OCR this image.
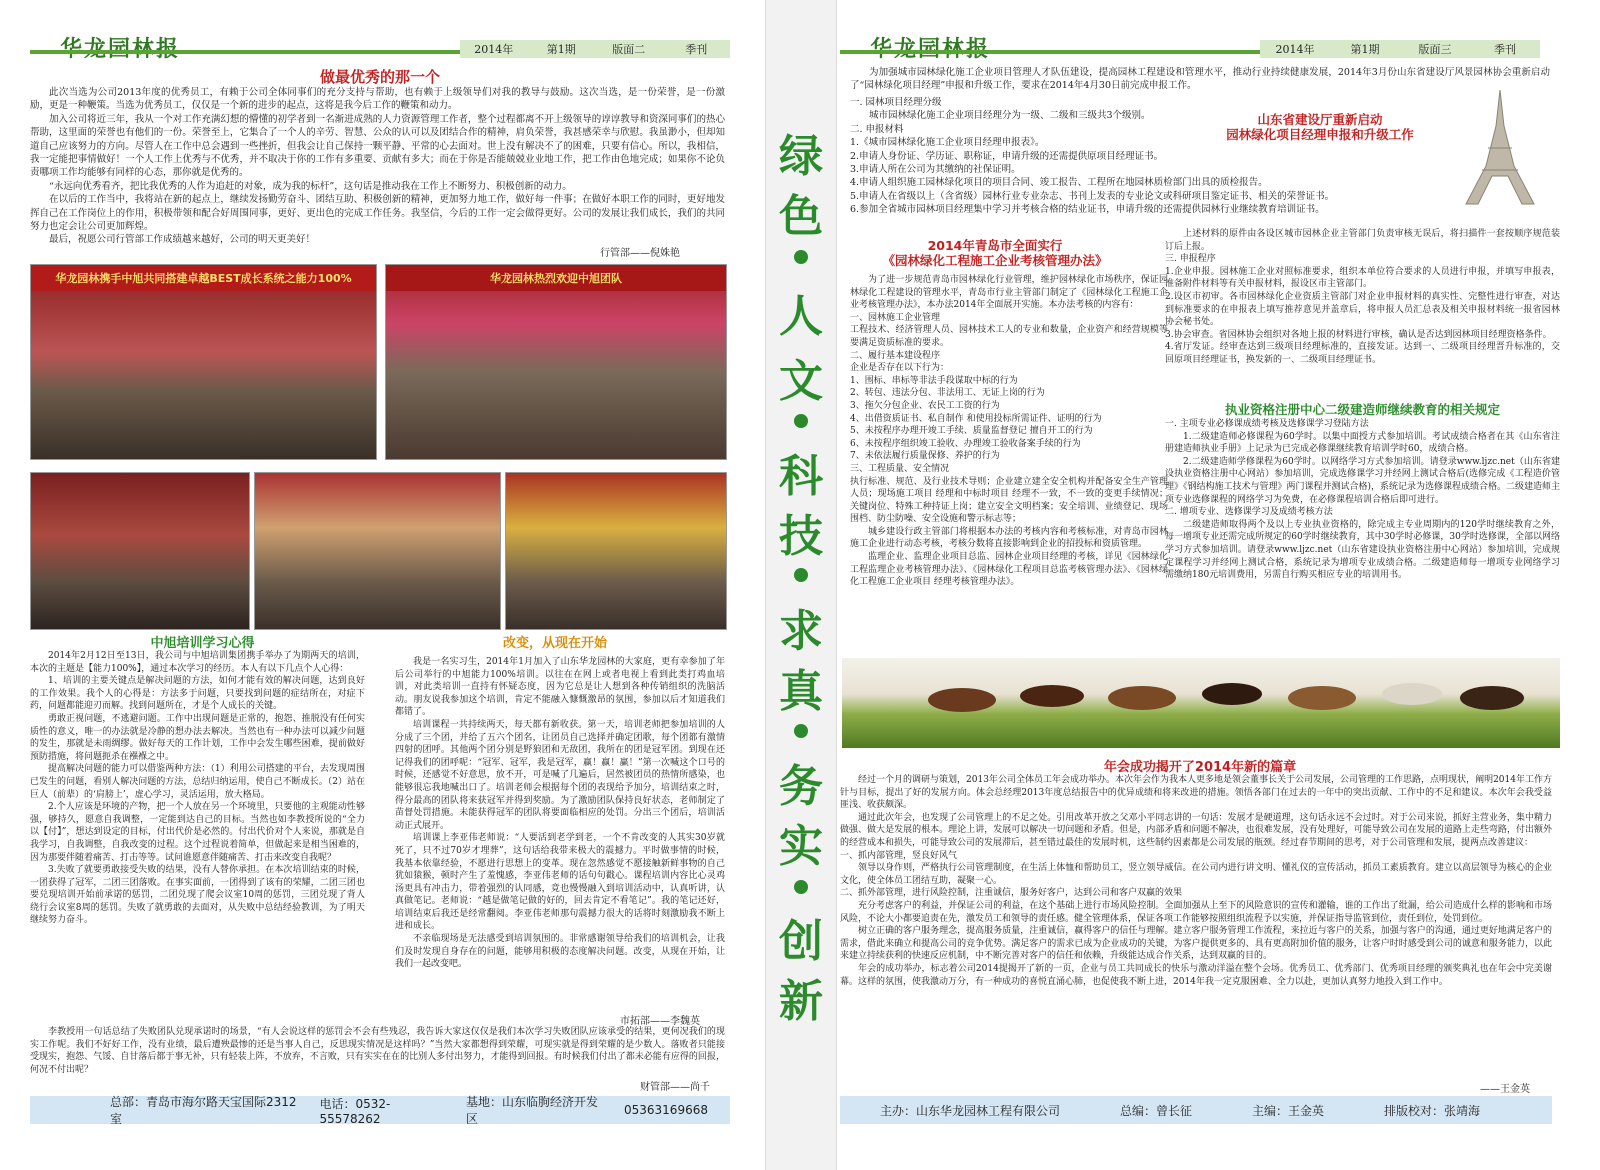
2014年	第1期	版面二	季刊
做最优秀的那一个

此次当选为公司2013年度的优秀员工，有赖于公司全体同事们的充分支持与帮助，也有赖于上级领导们对我的教导与鼓励。这次当选，是一份荣誉，是一份激励，更是一种鞭策。当选为优秀员工，仅仅是一个新的进步的起点，这将是我今后工作的鞭策和动力。

加入公司将近三年，我从一个对工作充满幻想的懵懂的初学者到一名渐进成熟的人力资源管理工作者，整个过程都离不开上级领导的谆谆教导和资深同事们的热心帮助，这里面的荣誉也有他们的一份。荣誉至上，它集合了一个人的辛劳、智慧、公众的认可以及团结合作的精神，肩负荣誉，我甚感荣幸与欣慰。我虽渺小，但却知道自己应该努力的方向。尽管人在工作中总会遇到一些挫折，但我会让自己保持一颗平静、平常的心去面对。世上没有解决不了的困难，只要有信心。所以，我相信，我一定能把事情做好！一个人工作上优秀与不优秀，并不取决于你的工作有多重要、贡献有多大；而在于你是否能兢兢业业地工作，把工作由色地完成；如果你不论负责哪项工作均能够有同样的心态，那你就是优秀的。

“永远向优秀看齐，把比我优秀的人作为追赶的对象，成为我的标杆”，这句话是推动我在工作上不断努力、积极创新的动力。

在以后的工作当中，我将站在新的起点上，继续发扬勤劳奋斗、团结互助、积极创新的精神，更加努力地工作，做好每一件事；在做好本职工作的同时，更好地发挥自己在工作岗位上的作用，积极带领和配合好周围同事，更好、更出色的完成工作任务。我坚信，今后的工作一定会做得更好。公司的发展让我们成长，我们的共同努力也定会让公司更加辉煌。

最后，祝愿公司行管部工作成绩越来越好，公司的明天更美好！

行管部——倪姝艳
华龙园林携手中旭共同搭建卓越BEST成长系统之能力100%	华龙园林热烈欢迎中旭团队
中旭培训学习心得	改变，从现在开始

2014年2月12日至13日，我公司与中旭培训集团携手举办了为期两天的培训，本次的主题是【能力100%】，通过本次学习的经历。本人有以下几点个人心得：

1、培训的主要关键点是解决问题的方法，如何才能有效的解决问题，达到良好的工作效果。我个人的心得是：方法多于问题，只要找到问题的症结所在，对症下药，问题都能迎刃而解。找到问题所在，才是个人成长的关键。

勇敢正视问题，不逃避问题。工作中出现问题是正常的，抱怨、推脱没有任何实质性的意义，唯一的办法就是冷静的想办法去解决。当然也有一种办法可以减少问题的发生，那就是未雨绸缪。做好每天的工作计划，工作中会发生哪些困难，提前做好预防措施，将问题扼杀在襁褓之中。

提高解决问题的能力可以借鉴两种方法：（1）利用公司搭建的平台，去发现周围已发生的问题，看别人解决问题的方法，总结归纳运用，使自己不断成长。（2）站在巨人（前辈）的‘肩膀上’，虚心学习，灵活运用，放大格局。

2.个人应该是环境的产物，把一个人放在另一个环境里，只要他的主观能动性够强，够持久，愿意自我调整，一定能到达自己的目标。当然也如李教授所说的“全力以【付】”，想达到设定的目标，付出代价是必然的。付出代价对个人来说，那就是自我学习，自我调整，自我改变的过程。这个过程说着简单，但做起来是相当困难的，因为那要伴随着痛苦、打击等等。试问谁愿意伴随痛苦、打击来改变自我呢？

3.失败了就要勇敢接受失败的结果，没有人替你承担。在本次培训结束的时候，一团获得了冠军，二团三团落败。在事实面前，一团得到了该有的荣耀，二团三团也要兑现培训开始前承诺的惩罚，二团兑现了爬会议室10周的惩罚，三团兑现了背人绕行会议室8周的惩罚。失败了就勇敢的去面对，从失败中总结经验教训，为了明天继续努力奋斗。

我是一名实习生，2014年1月加入了山东华龙园林的大家庭，更有幸参加了年后公司举行的中旭能力100%培训。以往在在网上或者电视上看到此类打鸡血培训，对此类培训一直持有怀疑态度，因为它总是让人想到各种传销组织的洗脑活动。朋友说我参加这个培训，肯定不能融入慷慨激昂的氛围，参加以后才知道我们都错了。

培训课程一共持续两天，每天都有新收获。第一天，培训老师把参加培训的人分成了三个团，并给了五六个团名，让团员自己选择并确定团歌，每个团都有激情四射的团呼。其他两个团分别是野狼团和无敌团，我所在的团是冠军团。到现在还记得我们的团呼呢：“冠军、冠军，我是冠军，赢！赢！赢！”第一次喊这个口号的时候，还感觉不好意思，放不开，可是喊了几遍后，居然被团员的热情所感染，也能够很忘我地喊出口了。培训老师会根据每个团的表现给予加分，培训结束之时，得分最高的团队将来获冠军并得到奖励。为了激励团队保持良好状态，老师制定了苗督处罚措施。未能获得冠军的团队将要面临相应的处罚。分出三个团后，培训活动正式展开。

培训课上李亚伟老师说：“人要活到老学到老，一个不肯改变的人其实30岁就死了，只不过70岁才埋葬”，这句话给我带来极大的震撼力。平时做事情的时候，我基本依靠经验，不愿进行思想上的变革。现在忽然感觉不愿接触新鲜事物的自己犹如猿猴，顿时产生了羞愧感，李亚伟老师的话句句戳心。课程培训内容比心灵鸡汤更具有冲击力，带着强烈的认同感，竟也慢慢融入到培训活动中，认真听讲，认真做笔记。老师说：“越是做笔记做的好的，回去肯定不看笔记”。我的笔记还好，培训结束后我还是经常翻阅。李亚伟老师那句震撼力很大的话将时刻激励我不断上进和成长。

不亲临现场是无法感受到培训氛围的。非常感谢领导给我们的培训机会，让我们及时发现自身存在的问题，能够用积极的态度解决问题。改变，从现在开始，让我们一起改变吧。

市拓部——李魏英

李教授用一句话总结了失败团队兑现承诺时的场景，“有人会说这样的惩罚会不会有些残忍，我告诉大家这仅仅是我们本次学习失败团队应该承受的结果，更何况我们的现实工作呢。我们不好好工作，没有业绩，最后遭殃最惨的还是当事人自己，反思现实情况是这样吗？”当然大家都想得到荣耀，可现实就是得到荣耀的是少数人。落败者只能接受现实，抱怨、气馁、自甘落后都于事无补，只有轻装上阵，不放弃，不言败，只有实实在在的比别人多付出努力，才能得到回报。有时候我们付出了都未必能有应得的回报，何况不付出呢？

财管部——尚千
总部：青岛市海尔路天宝国际2312室
电话：0532-55578262
基地：山东临朐经济开发区
05363169668
绿
色
人
文
科
技
求
真
务
实
创
新
2014年	第1期	版面三	季刊

为加强城市园林绿化施工企业项目管理人才队伍建设，提高园林工程建设和管理水平，推动行业持续健康发展，2014年3月份山东省建设厅风景园林协会重新启动了“园林绿化项目经理”申报和升级工作，要求在2014年4月30日前完成申报工作。

一. 园林项目经理分级
城市园林绿化施工企业项目经理分为一级、二级和三级共3个级别。
二. 申报材料
1.《城市园林绿化施工企业项目经理申报表》。
2.申请人身份证、学历证、职称证，申请升级的还需提供原项目经理证书。
3.申请人所在公司为其缴纳的社保证明。
4.申请人组织施工园林绿化项目的项目合同、竣工报告、工程所在地园林质检部门出具的质检报告。
5.申请人在省级以上（含省级）园林行业专业杂志、书刊上发表的专业论文或科研项目鉴定证书、相关的荣誉证书。
6.参加全省城市园林项目经理集中学习并考核合格的结业证书，申请升级的还需提供园林行业继续教育培训证书。
山东省建设厅重新启动
园林绿化项目经理申报和升级工作
2014年青岛市全面实行
《园林绿化工程施工企业考核管理办法》

为了进一步规范青岛市园林绿化行业管理，维护园林绿化市场秩序，保证园林绿化工程建设的管理水平，青岛市行业主管部门制定了《园林绿化工程施工企业考核管理办法》，本办法2014年全面展开实施。本办法考核的内容有：

一、园林施工企业管理
工程技术、经济管理人员、园林技术工人的专业和数量，企业资产和经营规模等要满足资质标准的要求。
二、履行基本建设程序
企业是否存在以下行为：
1、围标、串标等非法手段谋取中标的行为
2、转包、违法分包、非法用工、无证上岗的行为
3、拖欠分包企业、农民工工资的行为
4、出借资质证书、私自制作 和使用投标所需证件、证明的行为
5、未按程序办理开竣工手续、质量监督登记 擅自开工的行为
6、未按程序组织竣工验收、办理竣工验收备案手续的行为
7、未依法履行质量保修、养护的行为
三、工程质量、安全情况
执行标准、规范、及行业技术导则；企业建立建全安全机构并配备安全生产管理人员；现场施工项目 经理和中标时项目 经理不一致，不一致的变更手续情况；关键岗位、特殊工种持证上岗；建立安全文明档案；安全培训、业绩登记、现场围档、防尘防噪、安全设施和警示标志等；

城乡建设行政主管部门将根据本办法的考核内容和考核标准，对青岛市园林施工企业进行动态考核，考核分数将直接影响到企业的招投标和资质管理。

监理企业、监理企业项目总监、园林企业项目经理的考核，详见《园林绿化工程监理企业考核管理办法》、《园林绿化工程项目总监考核管理办法》、《园林绿化工程施工企业项目 经理考核管理办法》。

上述材料的原件由各设区城市园林企业主管部门负责审核无误后，将扫描件一套按顺序规范装订后上报。

三. 申报程序
1.企业申报。园林施工企业对照标准要求，组织本单位符合要求的人员进行申报，并填写申报表，准备附件材料等有关申报材料，报设区市主管部门。
2.设区市初审。各市园林绿化企业资质主管部门对企业申报材料的真实性、完整性进行审查，对达到标准要求的在申报表上填写推荐意见并盖章后，将申报人员汇总表及相关申报材料统一报省园林协会秘书处。
3.协会审查。省园林协会组织对各地上报的材料进行审核，确认是否达到园林项目经理资格条件。
4.省厅发证。经审查达到三级项目经理标准的，直接发证。达到一、二级项目经理晋升标准的，交回原项目经理证书，换发新的一、二级项目经理证书。
执业资格注册中心二级建造师继续教育的相关规定
一. 主项专业必修课成绩考核及选修课学习登陆方法

1.二级建造师必修课程为60学时。以集中面授方式参加培训。考试成绩合格者在其《山东省注册建造师执业手册》上记录为已完成必修课继续教育培训学时60，成绩合格。

2.二级建造师学修课程为60学时。以网络学习方式参加培训。请登录www.ljzc.net（山东省建设执业资格注册中心网站）参加培训，完成选修课学习并经网上测试合格后(选修完成《工程造价管理》《钢结构施工技术与管理》两门课程并测试合格)，系统记录为选修课程成绩合格。二级建造师主项专业选修课程的网络学习为免费，在必修课程培训合格后即可进行。

二. 增项专业、选修课学习及成绩考核方法

二级建造师取得两个及以上专业执业资格的，除完成主专业周期内的120学时继续教育之外，每一增项专业还需完成所规定的60学时继续教育，其中30学时必修课，30学时选修课，全部以网络学习方式参加培训。请登录www.ljzc.net（山东省建设执业资格注册中心网站）参加培训，完成规定课程学习并经网上测试合格，系统记录为增项专业成绩合格。二级建造师每一增项专业网络学习需缴纳180元培训费用，另需自行购买相应专业的培训用书。

年会成功揭开了2014年新的篇章

经过一个月的调研与策划，2013年公司全体员工年会成功举办。本次年会作为我本人更多地是领会董事长关于公司发展，公司管理的工作思路，点明现状，阐明2014年工作方针与目标，提出了好的发展方向。体会总经理2013年度总结报告中的优异成绩和将来改进的措施。领悟各部门在过去的一年中的突出贡献、工作中的不足和建议。本次年会我受益匪浅、收获颇深。

通过此次年会，也发现了公司管理上的不足之处。引用改革开放之父邓小平同志讲的一句话：发展才是硬道理，这句话永远不会过时。对于公司来说，抓好主营业务，集中精力做强、做大是发展的根本。理论上讲，发展可以解决一切问题和矛盾。但是，内部矛盾和问题不解决，也很难发展，没有处理好，可能导致公司在发展的道路上走些弯路，付出额外的经营成本和损失，可能导致公司的发展滞后，甚至错过最佳的发展时机，这些制约因素都是公司发展的瓶颈。经过春节期间的思考，对于公司管理和发展，提两点改善建议：

一、抓内部管理，竖良好风气

领导以身作则，严格执行公司管理制度，在生活上体恤和帮助员工，竖立领导威信。在公司内进行讲文明、懂礼仪的宣传活动，抓员工素质教育。建立以高层领导为核心的企业文化，使全体员工团结互助，凝聚一心。

二、抓外部管理，进行风险控制，注重诚信，服务好客户，达到公司和客户双赢的效果

充分考虑客户的利益，并保证公司的利益，在这个基础上进行市场风险控制。全面加强从上至下的风险意识的宣传和灌输，谁的工作出了纰漏，给公司造成什么样的影响和市场风险，不论大小都要追责在先，激发员工和领导的责任感。健全管理体系，保证各项工作能够按照组织流程予以实施，并保证指导监管到位，责任到位，处罚到位。

树立正确的客户服务理念，提高服务质量，注重诚信，赢得客户的信任与理解。建立客户服务管理工作流程，来拉近与客户的关系，加强与客户的沟通，通过更好地满足客户的需求，借此来确立和提高公司的竞争优势。满足客户的需求已成为企业成功的关键，为客户提供更多的、具有更高附加价值的服务，让客户时时感受到公司的诚意和服务能力，以此来建立持续获利的快速反应机制，中不断完善对客户的信任和依赖，升级能达成合作关系，达到双赢的目的。

年会的成功举办，标志着公司2014提揭开了新的一页，企业与员工共同成长的快乐与激动洋溢在整个会场。优秀员工、优秀部门、优秀项目经理的颁奖典礼也在年会中完美谢幕。这样的氛围，使我激动万分，有一种成功的喜悦直涌心肺，也促使我不断上进，2014年我一定克服困难、全力以赴，更加认真努力地投入到工作中。

——王金英
主办：山东华龙园林工程有限公司	总编：曾长征	主编：王金英	排版校对：张靖海
